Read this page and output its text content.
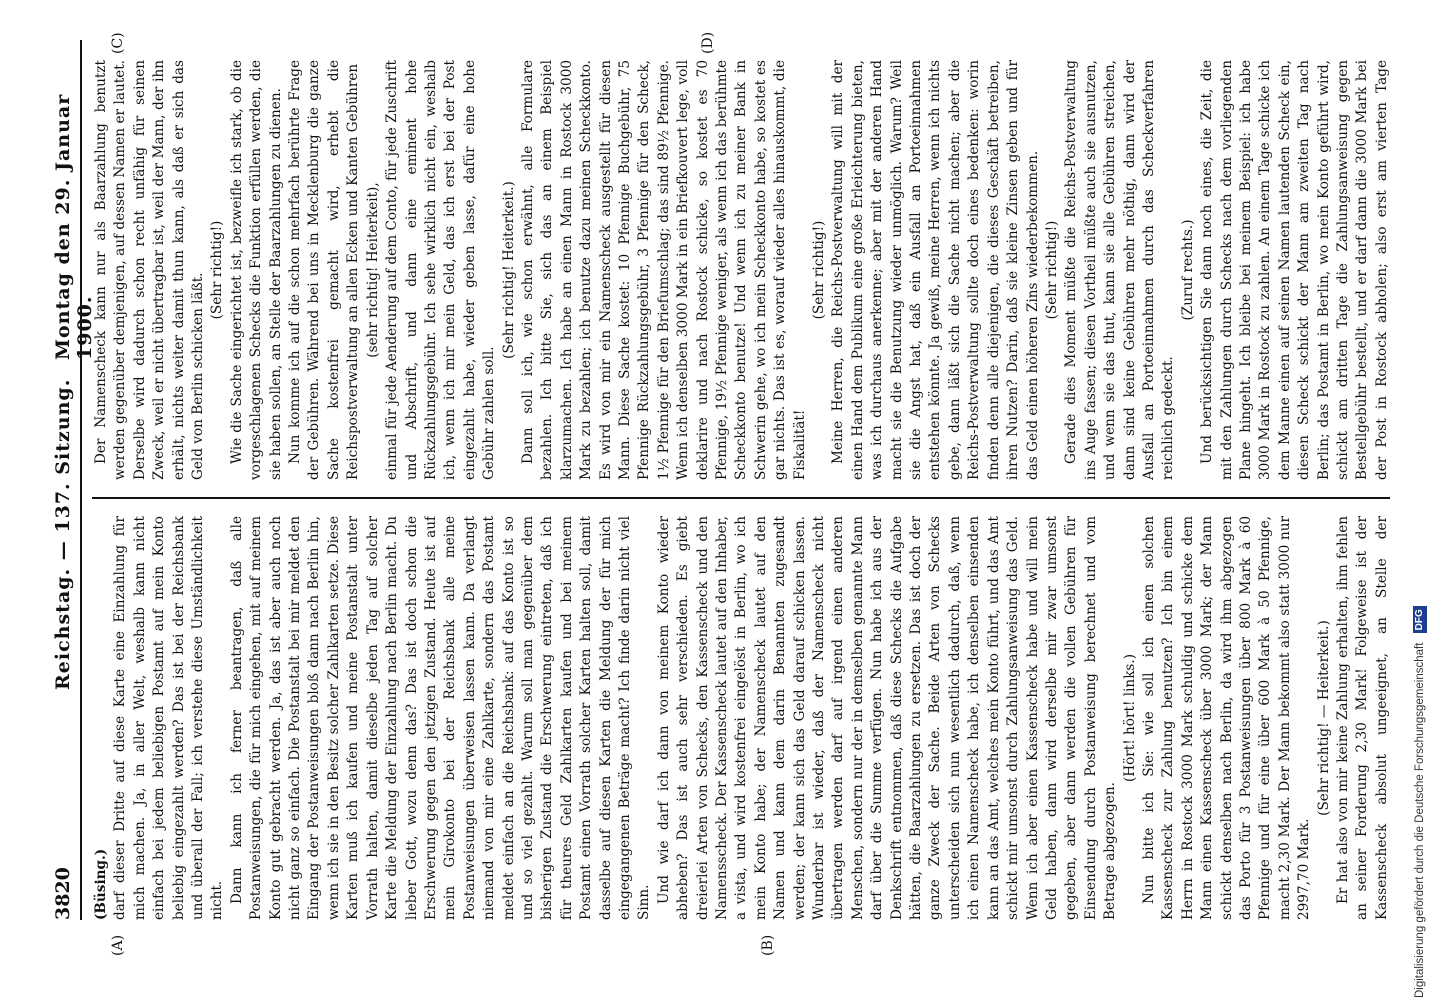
3820
Reichstag. — 137. Sitzung.
Montag den 29. Januar 1900.
(A)	(B)
(C)	(D)

(Büsing.) darf dieser Dritte auf diese Karte eine Einzahlung für mich machen. Ja, in aller Welt, weshalb kann nicht einfach bei jedem beliebigen Postamt auf mein Konto beliebig eingezahlt werden? Das ist bei der Reichsbank und überall der Fall; ich verstehe diese Umständlichkeit nicht. Dann kann ich ferner beantragen, daß alle Postanweisungen, die für mich eingehen, mit auf meinem Konto gut gebracht werden. Ja, das ist aber auch noch nicht ganz so einfach. Die Postanstalt bei mir meldet den Eingang der Postanweisungen bloß dann nach Berlin hin, wenn ich sie in den Besitz solcher Zahlkarten setze. Diese Karten muß ich kaufen und meine Postanstalt unter Vorrath halten, damit dieselbe jeden Tag auf solcher Karte die Meldung der Einzahlung nach Berlin macht. Du lieber Gott, wozu denn das? Das ist doch schon die Erschwerung gegen den jetzigen Zustand. Heute ist auf mein Girokonto bei der Reichsbank alle meine Postanweisungen überweisen lassen kann. Da verlangt niemand von mir eine Zahlkarte, sondern das Postamt meldet einfach an die Reichsbank: auf das Konto ist so und so viel gezahlt. Warum soll man gegenüber dem bisherigen Zustand die Erschwerung eintreten, daß ich für theures Geld Zahlkarten kaufen und bei meinem Postamt einen Vorrath solcher Karten halten soll, damit dasselbe auf diesen Karten die Meldung der für mich eingegangenen Beträge macht? Ich finde darin nicht viel Sinn. Und wie darf ich dann von meinem Konto wieder abheben? Das ist auch sehr verschieden. Es giebt dreierlei Arten von Schecks, den Kassenscheck und den Namensscheck. Der Kassenscheck lautet auf den Inhaber, a vista, und wird kostenfrei eingelöst in Berlin, wo ich mein Konto habe; der Namenscheck lautet auf den Namen und kann dem darin Benannten zugesandt werden; der kann sich das Geld darauf schicken lassen. Wunderbar ist wieder, daß der Namenscheck nicht übertragen werden darf auf irgend einen anderen Menschen, sondern nur der in demselben genannte Mann darf über die Summe verfügen. Nun habe ich aus der Denkschrift entnommen, daß diese Schecks die Aufgabe hätten, die Baarzahlungen zu ersetzen. Das ist doch der ganze Zweck der Sache. Beide Arten von Schecks unterscheiden sich nun wesentlich dadurch, daß, wenn ich einen Namenscheck habe, ich denselben einsenden kann an das Amt, welches mein Konto führt, und das Amt schickt mir umsonst durch Zahlungsanweisung das Geld. Wenn ich aber einen Kassenscheck habe und will mein Geld haben, dann wird derselbe mir zwar umsonst gegeben, aber dann werden die vollen Gebühren für Einsendung durch Postanweisung berechnet und vom Betrage abgezogen.

(Hört! hört! links.) Nun bitte ich Sie: wie soll ich einen solchen Kassenscheck zur Zahlung benutzen? Ich bin einem Herrn in Rostock 3000 Mark schuldig und schicke dem Mann einen Kassenscheck über 3000 Mark; der Mann schickt denselben nach Berlin, da wird ihm abgezogen das Porto für 3 Postanweisungen über 800 Mark à 60 Pfennige und für eine über 600 Mark à 50 Pfennige, macht 2,30 Mark. Der Mann bekommt also statt 3000 nur 2997,70 Mark.

(Sehr richtig! — Heiterkeit.)

Er hat also von mir keine Zahlung erhalten, ihm fehlen an seiner Forderung 2,30 Mark! Folgeweise ist der Kassenscheck absolut ungeeignet, an Stelle der

Der Namenscheck kann nur als Baarzahlung benutzt werden gegenüber demjenigen, auf dessen Namen er lautet. Derselbe wird dadurch schon recht unfähig für seinen Zweck, weil er nicht übertragbar ist, weil der Mann, der ihn erhält, nichts weiter damit thun kann, als daß er sich das Geld von Berlin schicken läßt.

(Sehr richtig!) Wie die Sache eingerichtet ist, bezweifle ich stark, ob die vorgeschlagenen Schecks die Funktion erfüllen werden, die sie haben sollen, an Stelle der Baarzahlungen zu dienen. Nun komme ich auf die schon mehrfach berührte Frage der Gebühren. Während bei uns in Mecklenburg die ganze Sache kostenfrei gemacht wird, erhebt die Reichspostverwaltung an allen Ecken und Kanten Gebühren (sehr richtig! Heiterkeit), einmal für jede Aenderung auf dem Conto, für jede Zuschrift und Abschrift, und dann eine eminent hohe Rückzahlungsgebühr. Ich sehe wirklich nicht ein, weshalb ich, wenn ich mir mein Geld, das ich erst bei der Post eingezahlt habe, wieder geben lasse, dafür eine hohe Gebühr zahlen soll.

(Sehr richtig! Heiterkeit.) Dann soll ich, wie schon erwähnt, alle Formulare bezahlen. Ich bitte Sie, sich das an einem Beispiel klarzumachen. Ich habe an einen Mann in Rostock 3000 Mark zu bezahlen; ich benutze dazu meinen Scheckkonto. Es wird von mir ein Namenscheck ausgestellt für diesen Mann. Diese Sache kostet: 10 Pfennige Buchgebühr, 75 Pfennige Rückzahlungsgebühr, 3 Pfennige für den Scheck, 1½ Pfennige für den Briefumschlag; das sind 89½ Pfennige. Wenn ich denselben 3000 Mark in ein Briefkouvert lege, voll deklarire und nach Rostock schicke, so kostet es 70 Pfennige, 19½ Pfennige weniger, als wenn ich das berühmte Scheckkonto benutze! Und wenn ich zu meiner Bank in Schwerin gehe, wo ich mein Scheckkonto habe, so kostet es gar nichts. Das ist es, worauf wieder alles hinauskommt, die Fiskalität!

(Sehr richtig!) Meine Herren, die Reichs-Postverwaltung will mit der einen Hand dem Publikum eine große Erleichterung bieten, was ich durchaus anerkenne; aber mit der anderen Hand macht sie die Benutzung wieder unmöglich. Warum? Weil sie die Angst hat, daß ein Ausfall an Portoeinnahmen entstehen könnte. Ja gewiß, meine Herren, wenn ich nichts gebe, dann läßt sich die Sache nicht machen; aber die Reichs-Postverwaltung sollte doch eines bedenken: worin finden denn alle diejenigen, die dieses Geschäft betreiben, ihren Nutzen? Darin, daß sie kleine Zinsen geben und für das Geld einen höheren Zins wiederbekommen. (Sehr richtig!) Gerade dies Moment müßte die Reichs-Postverwaltung ins Auge fassen; diesen Vortheil müßte auch sie ausnutzen, und wenn sie das thut, kann sie alle Gebühren streichen, dann sind keine Gebühren mehr nöthig, dann wird der Ausfall an Portoeinnahmen durch das Scheckverfahren reichlich gedeckt.

(Zuruf rechts.)

Und berücksichtigen Sie dann noch eines, die Zeit, die mit den Zahlungen durch Schecks nach dem vorliegenden Plane hingeht. Ich bleibe bei meinem Beispiel: ich habe 3000 Mark in Rostock zu zahlen. An einem Tage schicke ich dem Manne einen auf seinen Namen lautenden Scheck ein, diesen Scheck schickt der Mann am zweiten Tag nach Berlin; das Postamt in Berlin, wo mein Konto geführt wird, schickt am dritten Tage die Zahlungsanweisung gegen Bestellgebühr bestellt, und er darf dann die 3000 Mark bei der Post in Rostock abholen; also erst am vierten Tage

Digitalisierung gefördert durch die Deutsche Forschungsgemeinschaft DFG
